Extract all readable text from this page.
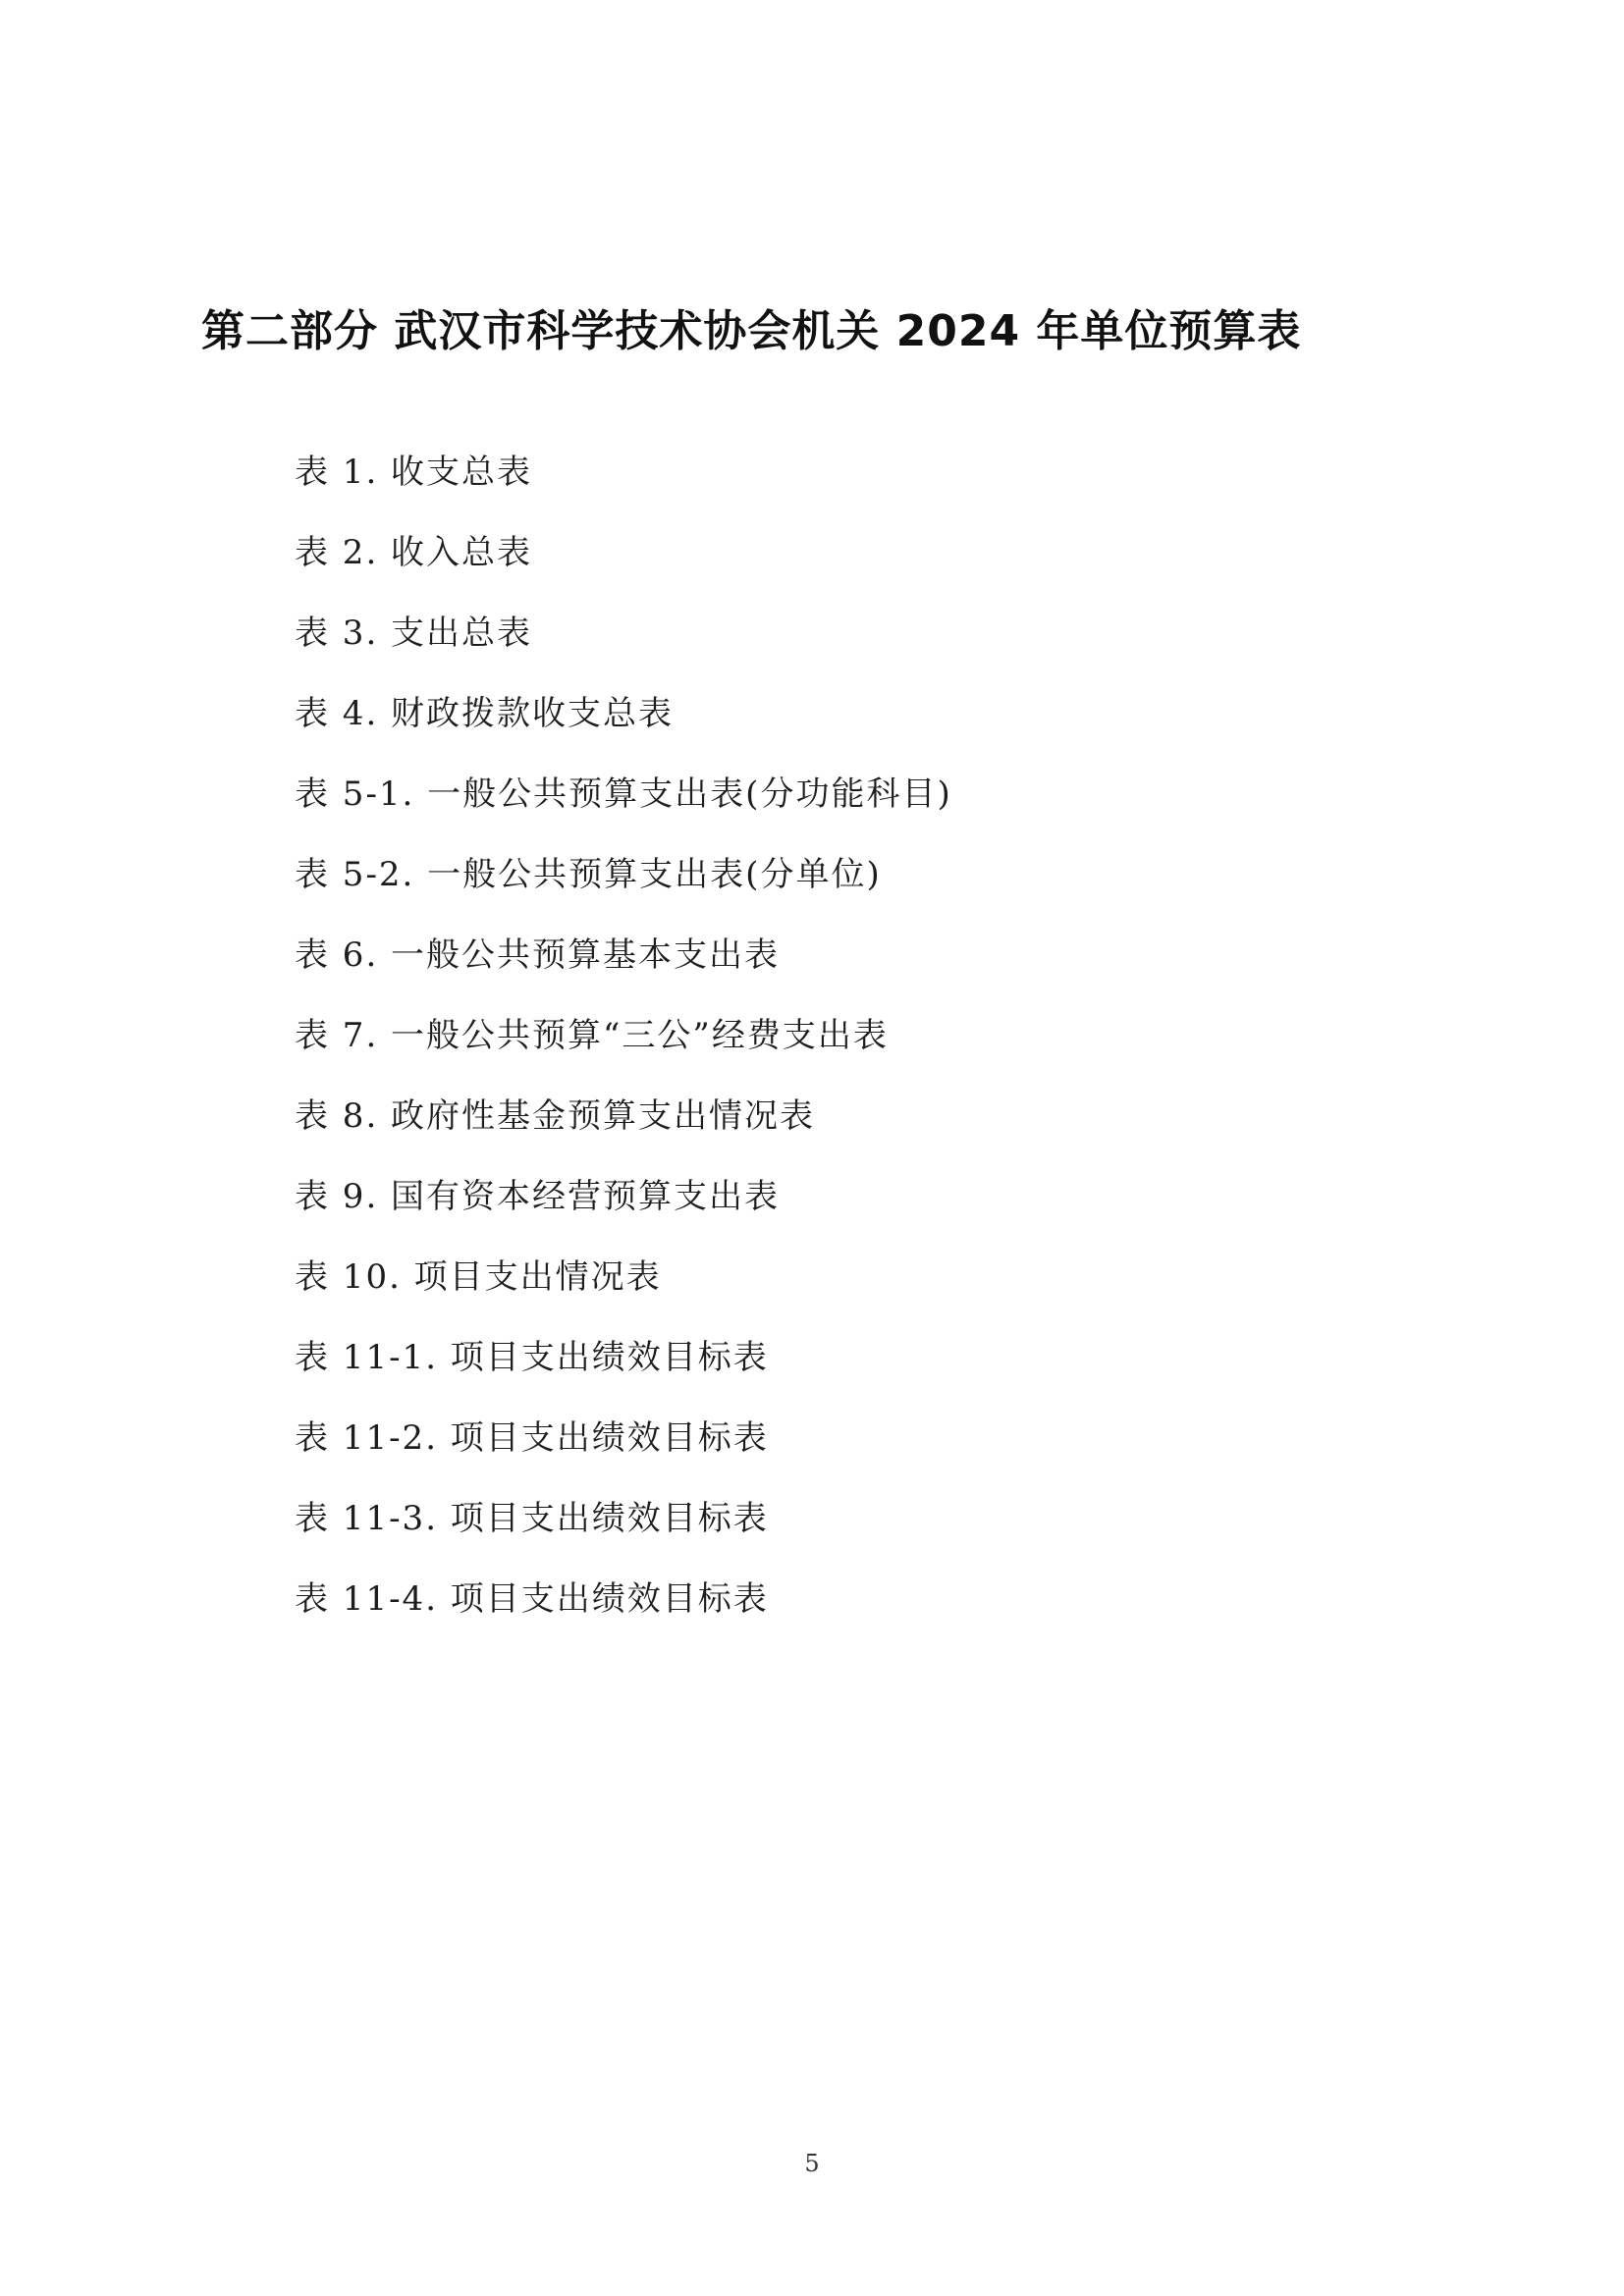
第二部分 武汉市科学技术协会机关 2024 年单位预算表
表 1. 收支总表
表 2. 收入总表
表 3. 支出总表
表 4. 财政拨款收支总表
表 5-1. 一般公共预算支出表(分功能科目)
表 5-2. 一般公共预算支出表(分单位)
表 6. 一般公共预算基本支出表
表 7. 一般公共预算“三公”经费支出表
表 8. 政府性基金预算支出情况表
表 9. 国有资本经营预算支出表
表 10. 项目支出情况表
表 11-1. 项目支出绩效目标表
表 11-2. 项目支出绩效目标表
表 11-3. 项目支出绩效目标表
表 11-4. 项目支出绩效目标表
5
